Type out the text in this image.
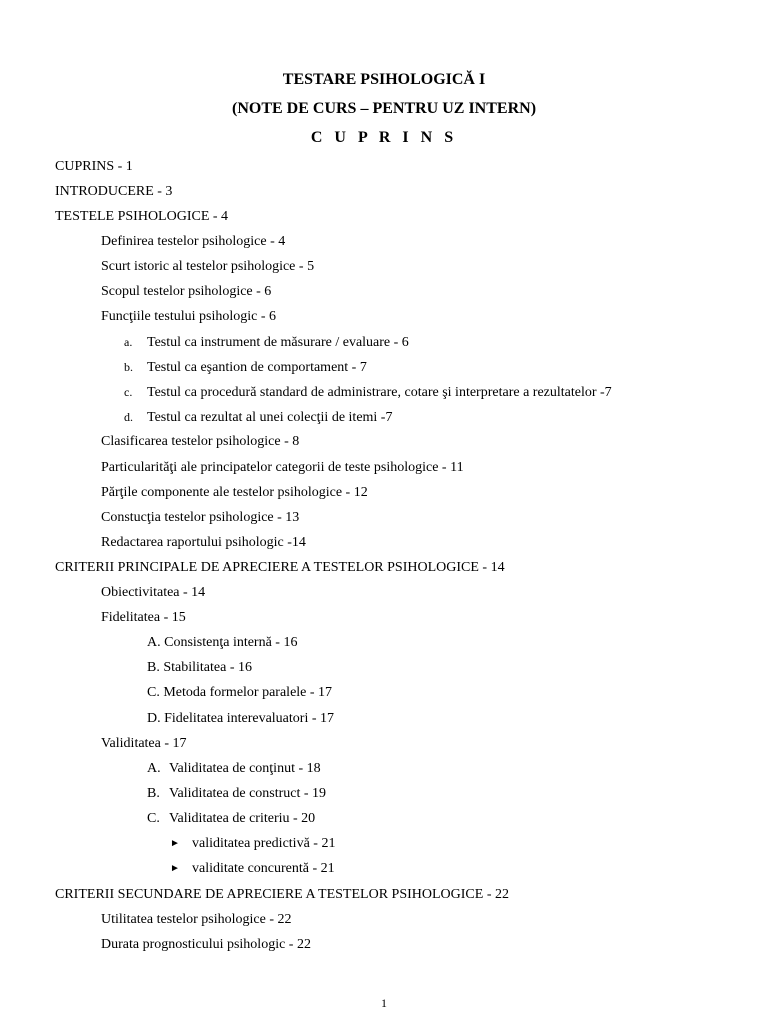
TESTARE PSIHOLOGICĂ I
(NOTE DE CURS – PENTRU UZ INTERN)
C U P R I N S
CUPRINS - 1
INTRODUCERE - 3
TESTELE PSIHOLOGICE - 4
Definirea testelor psihologice - 4
Scurt istoric al testelor psihologice - 5
Scopul testelor psihologice - 6
Funcţiile testului psihologic - 6
a. Testul ca instrument de măsurare / evaluare - 6
b. Testul ca eşantion de comportament - 7
c. Testul ca procedură standard de administrare, cotare şi interpretare a rezultatelor -7
d. Testul ca rezultat al unei colecţii de itemi -7
Clasificarea testelor psihologice - 8
Particularităţi ale principatelor categorii de teste psihologice - 11
Părţile componente ale testelor psihologice - 12
Constucţia testelor psihologice - 13
Redactarea raportului psihologic -14
CRITERII PRINCIPALE DE APRECIERE A TESTELOR PSIHOLOGICE - 14
Obiectivitatea - 14
Fidelitatea - 15
A. Consistenţa internă - 16
B. Stabilitatea - 16
C. Metoda formelor paralele - 17
D. Fidelitatea interevaluatori - 17
Validitatea - 17
A. Validitatea de conţinut - 18
B. Validitatea de construct - 19
C. Validitatea de criteriu - 20
► validitatea predictivă - 21
► validitate concurentă - 21
CRITERII SECUNDARE DE APRECIERE A TESTELOR PSIHOLOGICE - 22
Utilitatea testelor psihologice - 22
Durata prognosticului psihologic - 22
1
